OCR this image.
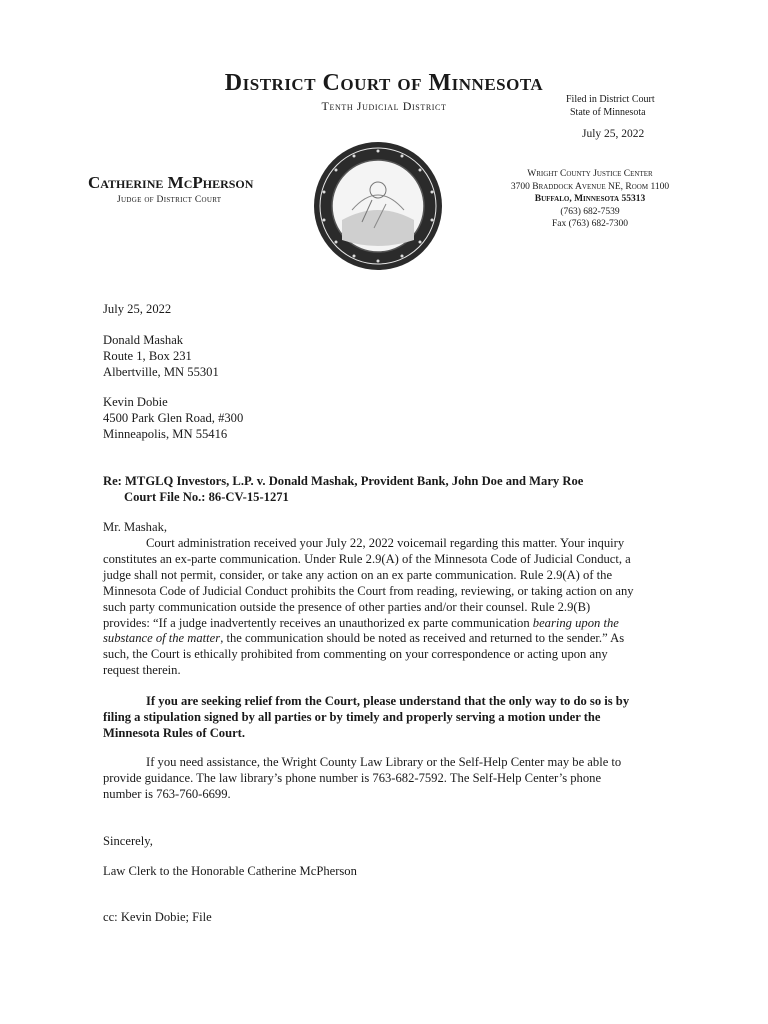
District Court of Minnesota
Tenth Judicial District	Filed in District Court
State of Minnesota
July 25, 2022
Catherine McPherson
Judge of District Court
Wright County Justice Center
3700 Braddock Avenue NE, Room 1100
Buffalo, Minnesota 55313
(763) 682-7539
Fax (763) 682-7300
July 25, 2022
Donald Mashak
Route 1, Box 231
Albertville, MN 55301
Kevin Dobie
4500 Park Glen Road, #300
Minneapolis, MN 55416
Re: MTGLQ Investors, L.P. v. Donald Mashak, Provident Bank, John Doe and Mary Roe
Court File No.: 86-CV-15-1271
Mr. Mashak,
Court administration received your July 22, 2022 voicemail regarding this matter. Your inquiry
constitutes an ex-parte communication. Under Rule 2.9(A) of the Minnesota Code of Judicial Conduct, a
judge shall not permit, consider, or take any action on an ex parte communication. Rule 2.9(A) of the
Minnesota Code of Judicial Conduct prohibits the Court from reading, reviewing, or taking action on any
such party communication outside the presence of other parties and/or their counsel. Rule 2.9(B)
provides: “If a judge inadvertently receives an unauthorized ex parte communication bearing upon the
substance of the matter, the communication should be noted as received and returned to the sender.” As
such, the Court is ethically prohibited from commenting on your correspondence or acting upon any
request therein.
If you are seeking relief from the Court, please understand that the only way to do so is by
filing a stipulation signed by all parties or by timely and properly serving a motion under the
Minnesota Rules of Court.
If you need assistance, the Wright County Law Library or the Self-Help Center may be able to
provide guidance. The law library’s phone number is 763-682-7592. The Self-Help Center’s phone
number is 763-760-6699.
Sincerely,
Law Clerk to the Honorable Catherine McPherson
cc: Kevin Dobie; File
